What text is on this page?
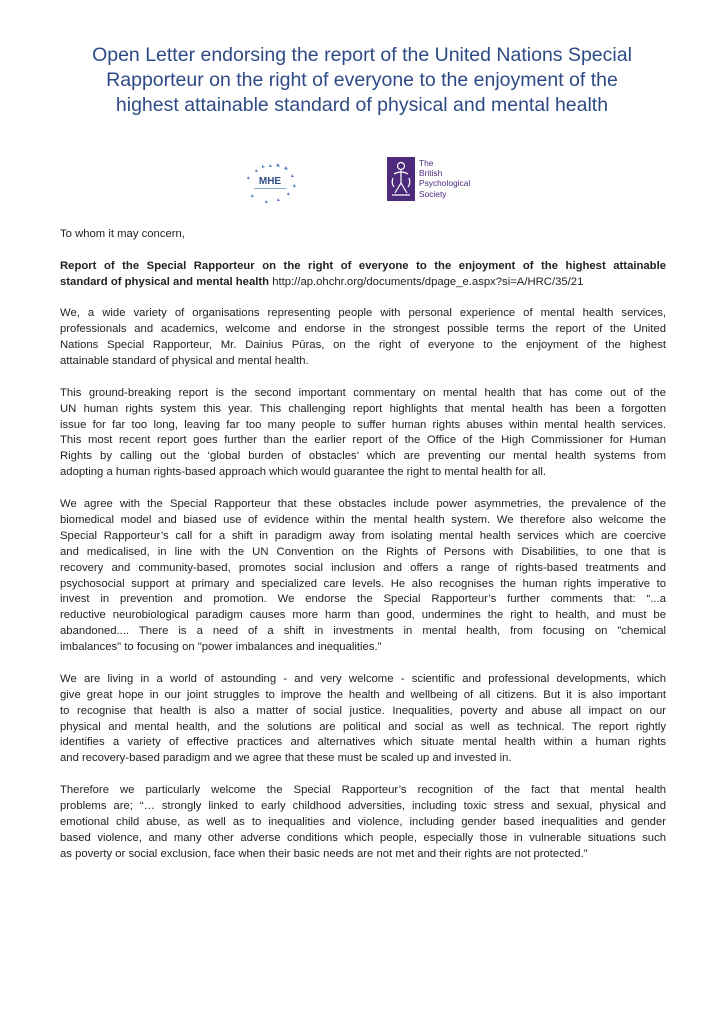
Open Letter endorsing the report of the United Nations Special
Rapporteur on the right of everyone to the enjoyment of the
highest attainable standard of physical and mental health
MHE
The
British
Psychological
Society

To whom it may concern,

Report of the Special Rapporteur on the right of everyone to the enjoyment of the highest attainable
standard of physical and mental health http://ap.ohchr.org/documents/dpage_e.aspx?si=A/HRC/35/21

We, a wide variety of organisations representing people with personal experience of mental health services,
professionals and academics, welcome and endorse in the strongest possible terms the report of the United
Nations Special Rapporteur, Mr. Dainius Pūras, on the right of everyone to the enjoyment of the highest
attainable standard of physical and mental health.

This ground-breaking report is the second important commentary on mental health that has come out of the
UN human rights system this year. This challenging report highlights that mental health has been a forgotten
issue for far too long, leaving far too many people to suffer human rights abuses within mental health services.
This most recent report goes further than the earlier report of the Office of the High Commissioner for Human
Rights by calling out the ‘global burden of obstacles’ which are preventing our mental health systems from
adopting a human rights-based approach which would guarantee the right to mental health for all.

We agree with the Special Rapporteur that these obstacles include power asymmetries, the prevalence of the
biomedical model and biased use of evidence within the mental health system. We therefore also welcome the
Special Rapporteur’s call for a shift in paradigm away from isolating mental health services which are coercive
and medicalised, in line with the UN Convention on the Rights of Persons with Disabilities, to one that is
recovery and community-based, promotes social inclusion and offers a range of rights-based treatments and
psychosocial support at primary and specialized care levels. He also recognises the human rights imperative to
invest in prevention and promotion. We endorse the Special Rapporteur’s further comments that: “...a
reductive neurobiological paradigm causes more harm than good, undermines the right to health, and must be
abandoned.... There is a need of a shift in investments in mental health, from focusing on "chemical
imbalances" to focusing on "power imbalances and inequalities.”

We are living in a world of astounding - and very welcome - scientific and professional developments, which
give great hope in our joint struggles to improve the health and wellbeing of all citizens. But it is also important
to recognise that health is also a matter of social justice. Inequalities, poverty and abuse all impact on our
physical and mental health, and the solutions are political and social as well as technical. The report rightly
identifies a variety of effective practices and alternatives which situate mental health within a human rights
and recovery-based paradigm and we agree that these must be scaled up and invested in.

Therefore we particularly welcome the Special Rapporteur’s recognition of the fact that mental health
problems are; “… strongly linked to early childhood adversities, including toxic stress and sexual, physical and
emotional child abuse, as well as to inequalities and violence, including gender based inequalities and gender
based violence, and many other adverse conditions which people, especially those in vulnerable situations such
as poverty or social exclusion, face when their basic needs are not met and their rights are not protected.”
